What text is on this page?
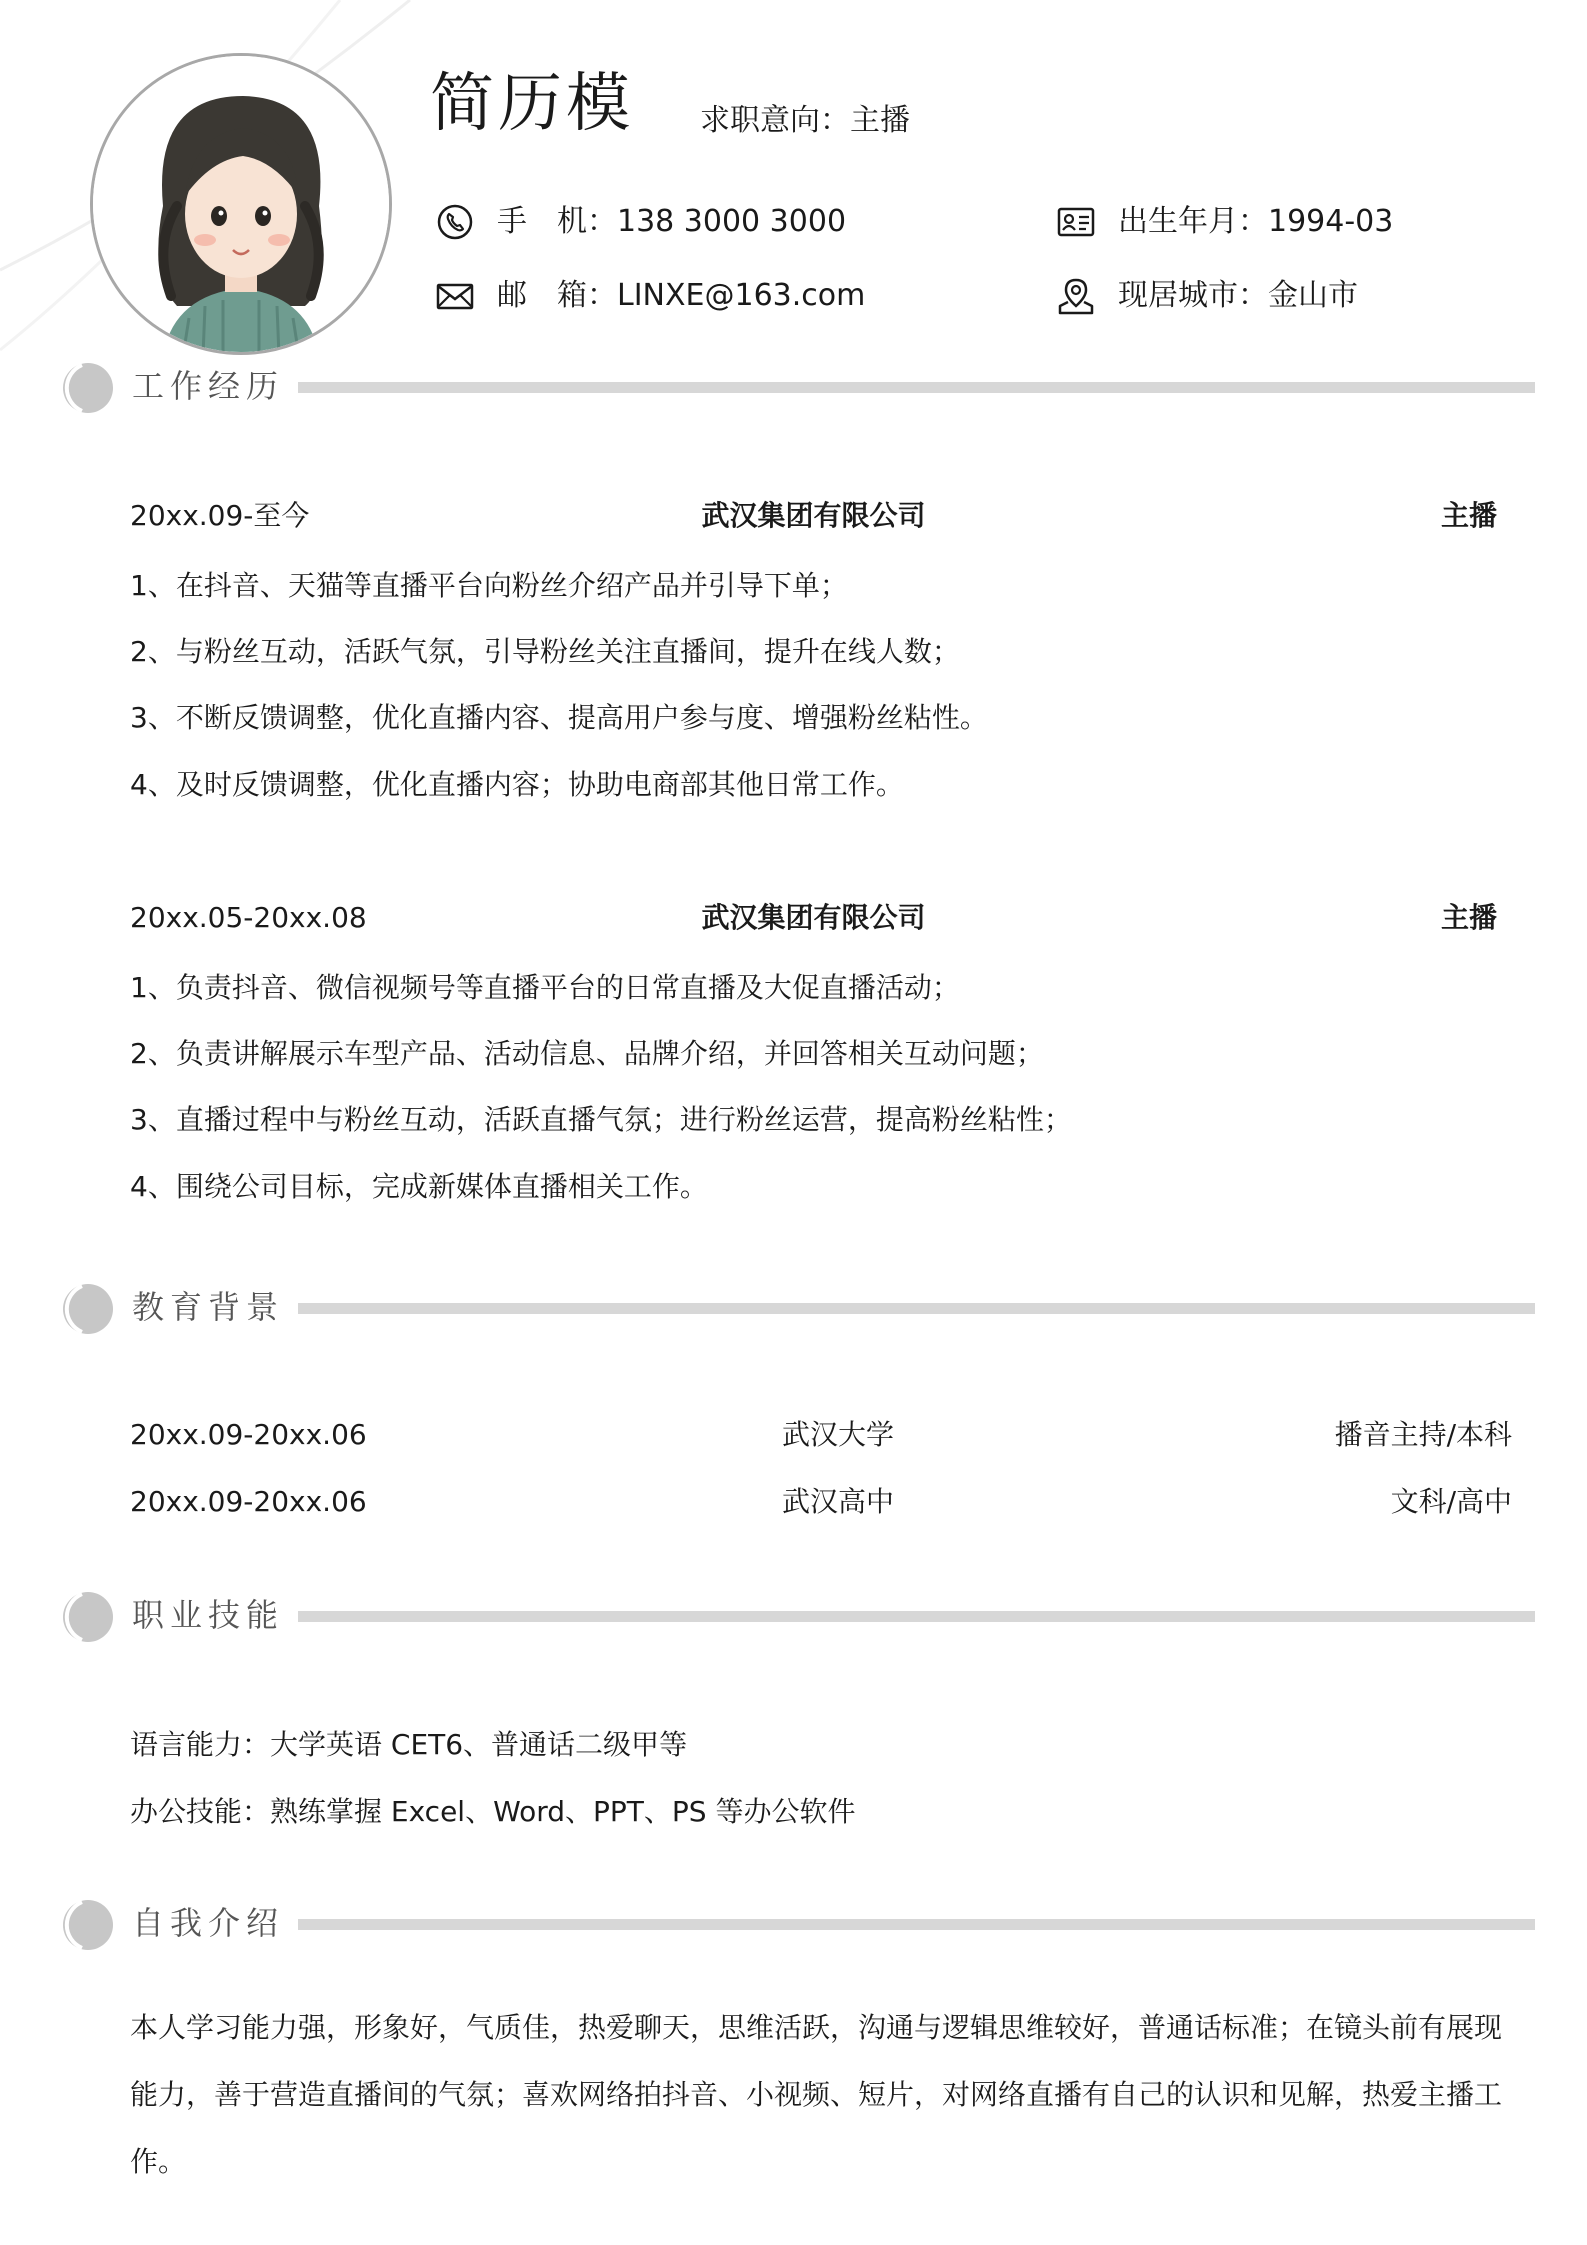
简历模 求职意向：主播
手　机： 138 3000 3000
邮　箱： LINXE@163.com
出生年月： 1994-03
现居城市： 金山市
工作经历
20xx.09-至今	武汉集团有限公司	主播
1、在抖音、天猫等直播平台向粉丝介绍产品并引导下单；
2、与粉丝互动，活跃气氛，引导粉丝关注直播间，提升在线人数；
3、不断反馈调整，优化直播内容、提高用户参与度、增强粉丝粘性。
4、及时反馈调整，优化直播内容；协助电商部其他日常工作。
20xx.05-20xx.08	武汉集团有限公司	主播
1、负责抖音、微信视频号等直播平台的日常直播及大促直播活动；
2、负责讲解展示车型产品、活动信息、品牌介绍，并回答相关互动问题；
3、直播过程中与粉丝互动，活跃直播气氛；进行粉丝运营，提高粉丝粘性；
4、围绕公司目标，完成新媒体直播相关工作。
教育背景
20xx.09-20xx.06	武汉大学	播音主持/本科
20xx.09-20xx.06	武汉高中	文科/高中
职业技能
语言能力：大学英语 CET6、普通话二级甲等
办公技能：熟练掌握 Excel、Word、PPT、PS 等办公软件
自我介绍
本人学习能力强，形象好，气质佳，热爱聊天，思维活跃，沟通与逻辑思维较好，普通话标准；在镜头前有展现能力，善于营造直播间的气氛；喜欢网络拍抖音、小视频、短片，对网络直播有自己的认识和见解，热爱主播工作。
